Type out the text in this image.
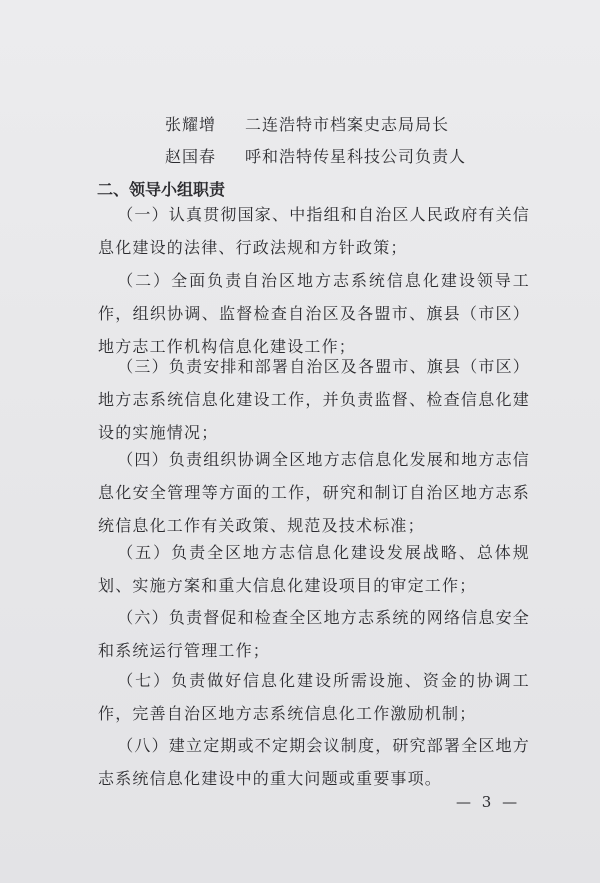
张耀增 二连浩特市档案史志局局长
赵国春 呼和浩特传星科技公司负责人
二、领导小组职责
（一）认真贯彻国家、中指组和自治区人民政府有关信息化建设的法律、行政法规和方针政策；
（二）全面负责自治区地方志系统信息化建设领导工作，组织协调、监督检查自治区及各盟市、旗县（市区）地方志工作机构信息化建设工作；
（三）负责安排和部署自治区及各盟市、旗县（市区）地方志系统信息化建设工作，并负责监督、检查信息化建设的实施情况；
（四）负责组织协调全区地方志信息化发展和地方志信息化安全管理等方面的工作，研究和制订自治区地方志系统信息化工作有关政策、规范及技术标准；
（五）负责全区地方志信息化建设发展战略、总体规划、实施方案和重大信息化建设项目的审定工作；
（六）负责督促和检查全区地方志系统的网络信息安全和系统运行管理工作；
（七）负责做好信息化建设所需设施、资金的协调工作，完善自治区地方志系统信息化工作激励机制；
（八）建立定期或不定期会议制度，研究部署全区地方志系统信息化建设中的重大问题或重要事项。
— 3 —
